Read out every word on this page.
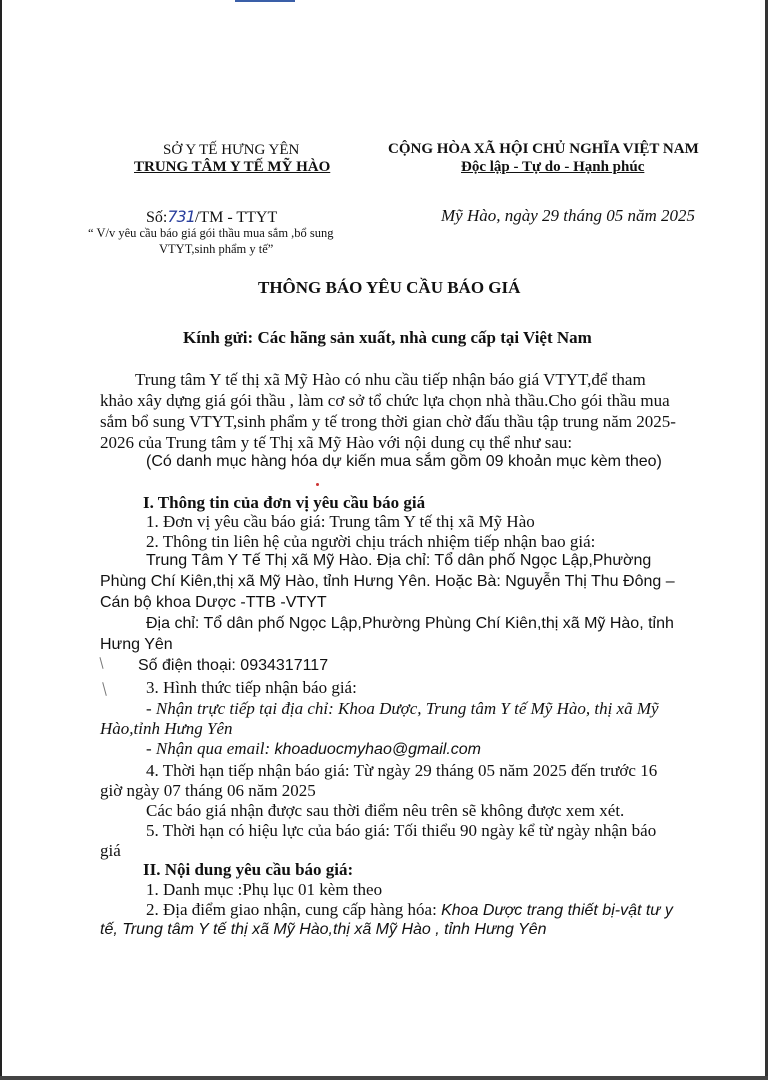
SỞ Y TẾ HƯNG YÊN
TRUNG TÂM Y TẾ MỸ HÀO
Số:731/TM - TTYT
“ V/v yêu cầu báo giá gói thầu mua sắm ,bổ sung
VTYT,sinh phẩm y tế”
CỘNG HÒA XÃ HỘI CHỦ NGHĨA VIỆT NAM
Độc lập - Tự do - Hạnh phúc
Mỹ Hào, ngày 29 tháng 05 năm 2025
THÔNG BÁO YÊU CẦU BÁO GIÁ
Kính gửi: Các hãng sản xuất, nhà cung cấp tại Việt Nam
Trung tâm Y tế thị xã Mỹ Hào có nhu cầu tiếp nhận báo giá VTYT,để tham
khảo xây dựng giá gói thầu , làm cơ sở tổ chức lựa chọn nhà thầu.Cho gói thầu mua
sắm bổ sung VTYT,sinh phẩm y tế trong thời gian chờ đấu thầu tập trung năm 2025-
2026 của Trung tâm y tế Thị xã Mỹ Hào với nội dung cụ thể như sau:
(Có danh mục hàng hóa dự kiến mua sắm gồm 09 khoản mục kèm theo)
I. Thông tin của đơn vị yêu cầu báo giá
1. Đơn vị yêu cầu báo giá: Trung tâm Y tế thị xã Mỹ Hào
2. Thông tin liên hệ của người chịu trách nhiệm tiếp nhận bao giá:
Trung Tâm Y Tế Thị xã Mỹ Hào. Địa chỉ: Tổ dân phố Ngọc Lập,Phường
Phùng Chí Kiên,thị xã Mỹ Hào, tỉnh Hưng Yên. Hoặc Bà: Nguyễn Thị Thu Đông –
Cán bộ khoa Dược -TTB -VTYT
Địa chỉ: Tổ dân phố Ngọc Lập,Phường Phùng Chí Kiên,thị xã Mỹ Hào, tỉnh
Hưng Yên
Số điện thoại: 0934317117
3. Hình thức tiếp nhận báo giá:
- Nhận trực tiếp tại địa chỉ: Khoa Dược, Trung tâm Y tế Mỹ Hào, thị xã Mỹ
Hào,tỉnh Hưng Yên
- Nhận qua email: khoaduocmyhao@gmail.com
4. Thời hạn tiếp nhận báo giá: Từ ngày 29 tháng 05 năm 2025 đến trước 16
giờ ngày 07 tháng 06 năm 2025
Các báo giá nhận được sau thời điểm nêu trên sẽ không được xem xét.
5. Thời hạn có hiệu lực của báo giá: Tối thiểu 90 ngày kể từ ngày nhận báo
giá
II. Nội dung yêu cầu báo giá:
1. Danh mục :Phụ lục 01 kèm theo
2. Địa điểm giao nhận, cung cấp hàng hóa: Khoa Dược trang thiết bị-vật tư y
tế, Trung tâm Y tế thị xã Mỹ Hào,thị xã Mỹ Hào , tỉnh Hưng Yên
